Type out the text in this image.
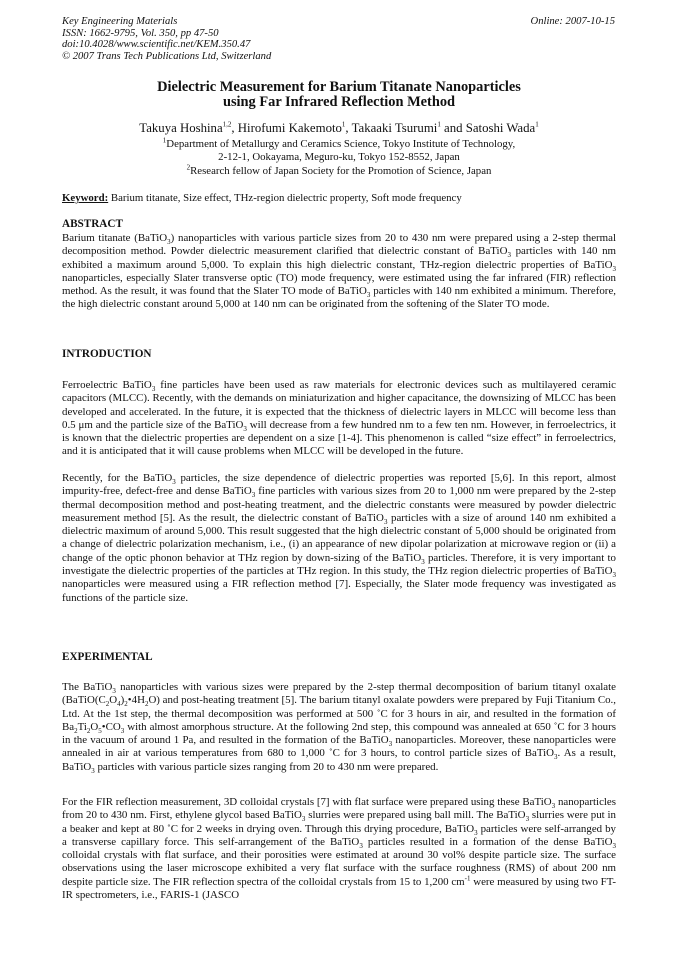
Key Engineering Materials
ISSN: 1662-9795, Vol. 350, pp 47-50
doi:10.4028/www.scientific.net/KEM.350.47
© 2007 Trans Tech Publications Ltd, Switzerland
Online: 2007-10-15
Dielectric Measurement for Barium Titanate Nanoparticles
using Far Infrared Reflection Method
Takuya Hoshina$^{1,2}$, Hirofumi Kakemoto$^1$, Takaaki Tsurumi$^1$ and Satoshi Wada$^1$
$^1$Department of Metallurgy and Ceramics Science, Tokyo Institute of Technology,
2-12-1, Ookayama, Meguro-ku, Tokyo 152-8552, Japan
$^2$Research fellow of Japan Society for the Promotion of Science, Japan
Keyword: Barium titanate, Size effect, THz-region dielectric property, Soft mode frequency
ABSTRACT

Barium titanate (BaTiO$_3$) nanoparticles with various particle sizes from 20 to 430 nm were prepared using a 2-step thermal decomposition method. Powder dielectric measurement clarified that dielectric constant of BaTiO$_3$ particles with 140 nm exhibited a maximum around 5,000. To explain this high dielectric constant, THz-region dielectric properties of BaTiO$_3$ nanoparticles, especially Slater transverse optic (TO) mode frequency, were estimated using the far infrared (FIR) reflection method. As the result, it was found that the Slater TO mode of BaTiO$_3$ particles with 140 nm exhibited a minimum. Therefore, the high dielectric constant around 5,000 at 140 nm can be originated from the softening of the Slater TO mode.

INTRODUCTION

Ferroelectric BaTiO$_3$ fine particles have been used as raw materials for electronic devices such as multilayered ceramic capacitors (MLCC). Recently, with the demands on miniaturization and higher capacitance, the downsizing of MLCC has been developed and accelerated. In the future, it is expected that the thickness of dielectric layers in MLCC will become less than 0.5 μm and the particle size of the BaTiO$_3$ will decrease from a few hundred nm to a few ten nm. However, in ferroelectrics, it is known that the dielectric properties are dependent on a size [1-4]. This phenomenon is called “size effect” in ferroelectrics, and it is anticipated that it will cause problems when MLCC will be developed in the future.

Recently, for the BaTiO$_3$ particles, the size dependence of dielectric properties was reported [5,6]. In this report, almost impurity-free, defect-free and dense BaTiO$_3$ fine particles with various sizes from 20 to 1,000 nm were prepared by the 2-step thermal decomposition method and post-heating treatment, and the dielectric constants were measured by powder dielectric measurement method [5]. As the result, the dielectric constant of BaTiO$_3$ particles with a size of around 140 nm exhibited a dielectric maximum of around 5,000. This result suggested that the high dielectric constant of 5,000 should be originated from a change of dielectric polarization mechanism, i.e., (i) an appearance of new dipolar polarization at microwave region or (ii) a change of the optic phonon behavior at THz region by down-sizing of the BaTiO$_3$ particles. Therefore, it is very important to investigate the dielectric properties of the particles at THz region. In this study, the THz region dielectric properties of BaTiO$_3$ nanoparticles were measured using a FIR reflection method [7]. Especially, the Slater mode frequency was investigated as functions of the particle size.

EXPERIMENTAL

The BaTiO$_3$ nanoparticles with various sizes were prepared by the 2-step thermal decomposition of barium titanyl oxalate $(BaTiO(C_2O_4)_2•4H_2O)$ and post-heating treatment [5]. The barium titanyl oxalate powders were prepared by Fuji Titanium Co., Ltd. At the 1st step, the thermal decomposition was performed at 500 ˚C for 3 hours in air, and resulted in the formation of $Ba_2Ti_2O_5•CO_3$ with almost amorphous structure. At the following 2nd step, this compound was annealed at 650 ˚C for 3 hours in the vacuum of around 1 Pa, and resulted in the formation of the BaTiO$_3$ nanoparticles. Moreover, these nanoparticles were annealed in air at various temperatures from 680 to 1,000 ˚C for 3 hours, to control particle sizes of BaTiO$_3$. As a result, BaTiO$_3$ particles with various particle sizes ranging from 20 to 430 nm were prepared.

For the FIR reflection measurement, 3D colloidal crystals [7] with flat surface were prepared using these BaTiO$_3$ nanoparticles from 20 to 430 nm. First, ethylene glycol based BaTiO$_3$ slurries were prepared using ball mill. The BaTiO$_3$ slurries were put in a beaker and kept at 80 ˚C for 2 weeks in drying oven. Through this drying procedure, BaTiO$_3$ particles were self-arranged by a transverse capillary force. This self-arrangement of the BaTiO$_3$ particles resulted in a formation of the dense BaTiO$_3$ colloidal crystals with flat surface, and their porosities were estimated at around 30 vol% despite particle size. The surface observations using the laser microscope exhibited a very flat surface with the surface roughness (RMS) of about 200 nm despite particle size. The FIR reflection spectra of the colloidal crystals from 15 to 1,200 $cm^{-1}$ were measured by using two FT-IR spectrometers, i.e., FARIS-1 (JASCO
